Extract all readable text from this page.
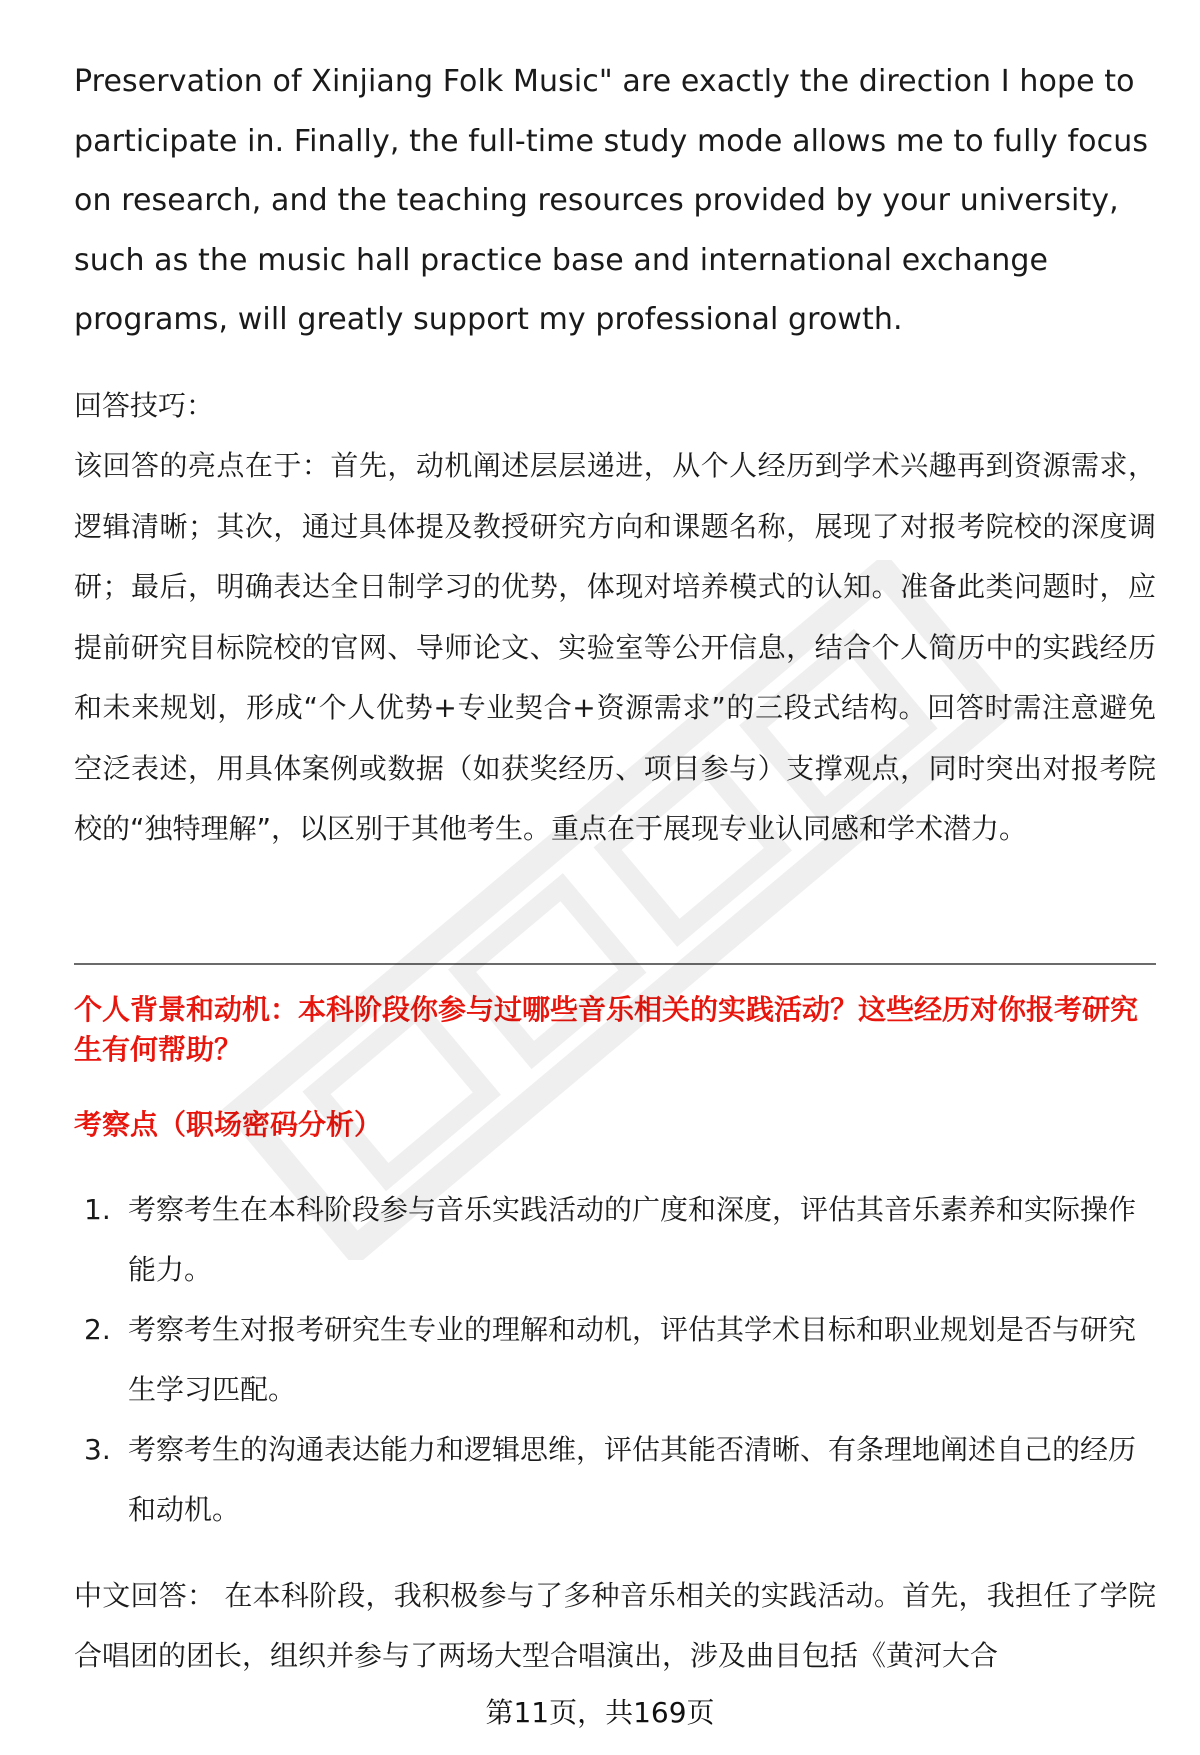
Preservation of Xinjiang Folk Music" are exactly the direction I hope to participate in. Finally, the full-time study mode allows me to fully focus on research, and the teaching resources provided by your university, such as the music hall practice base and international exchange programs, will greatly support my professional growth.

回答技巧：

该回答的亮点在于：首先，动机阐述层层递进，从个人经历到学术兴趣再到资源需求，逻辑清晰；其次，通过具体提及教授研究方向和课题名称，展现了对报考院校的深度调研；最后，明确表达全日制学习的优势，体现对培养模式的认知。准备此类问题时，应提前研究目标院校的官网、导师论文、实验室等公开信息，结合个人简历中的实践经历和未来规划，形成“个人优势+专业契合+资源需求”的三段式结构。回答时需注意避免空泛表述，用具体案例或数据（如获奖经历、项目参与）支撑观点，同时突出对报考院校的“独特理解”，以区别于其他考生。重点在于展现专业认同感和学术潜力。

个人背景和动机：本科阶段你参与过哪些音乐相关的实践活动？这些经历对你报考研究生有何帮助？
考察点（职场密码分析）
1. 考察考生在本科阶段参与音乐实践活动的广度和深度，评估其音乐素养和实际操作能力。
2. 考察考生对报考研究生专业的理解和动机，评估其学术目标和职业规划是否与研究生学习匹配。
3. 考察考生的沟通表达能力和逻辑思维，评估其能否清晰、有条理地阐述自己的经历和动机。

中文回答： 在本科阶段，我积极参与了多种音乐相关的实践活动。首先，我担任了学院合唱团的团长，组织并参与了两场大型合唱演出，涉及曲目包括《黄河大合

第11页，共169页
